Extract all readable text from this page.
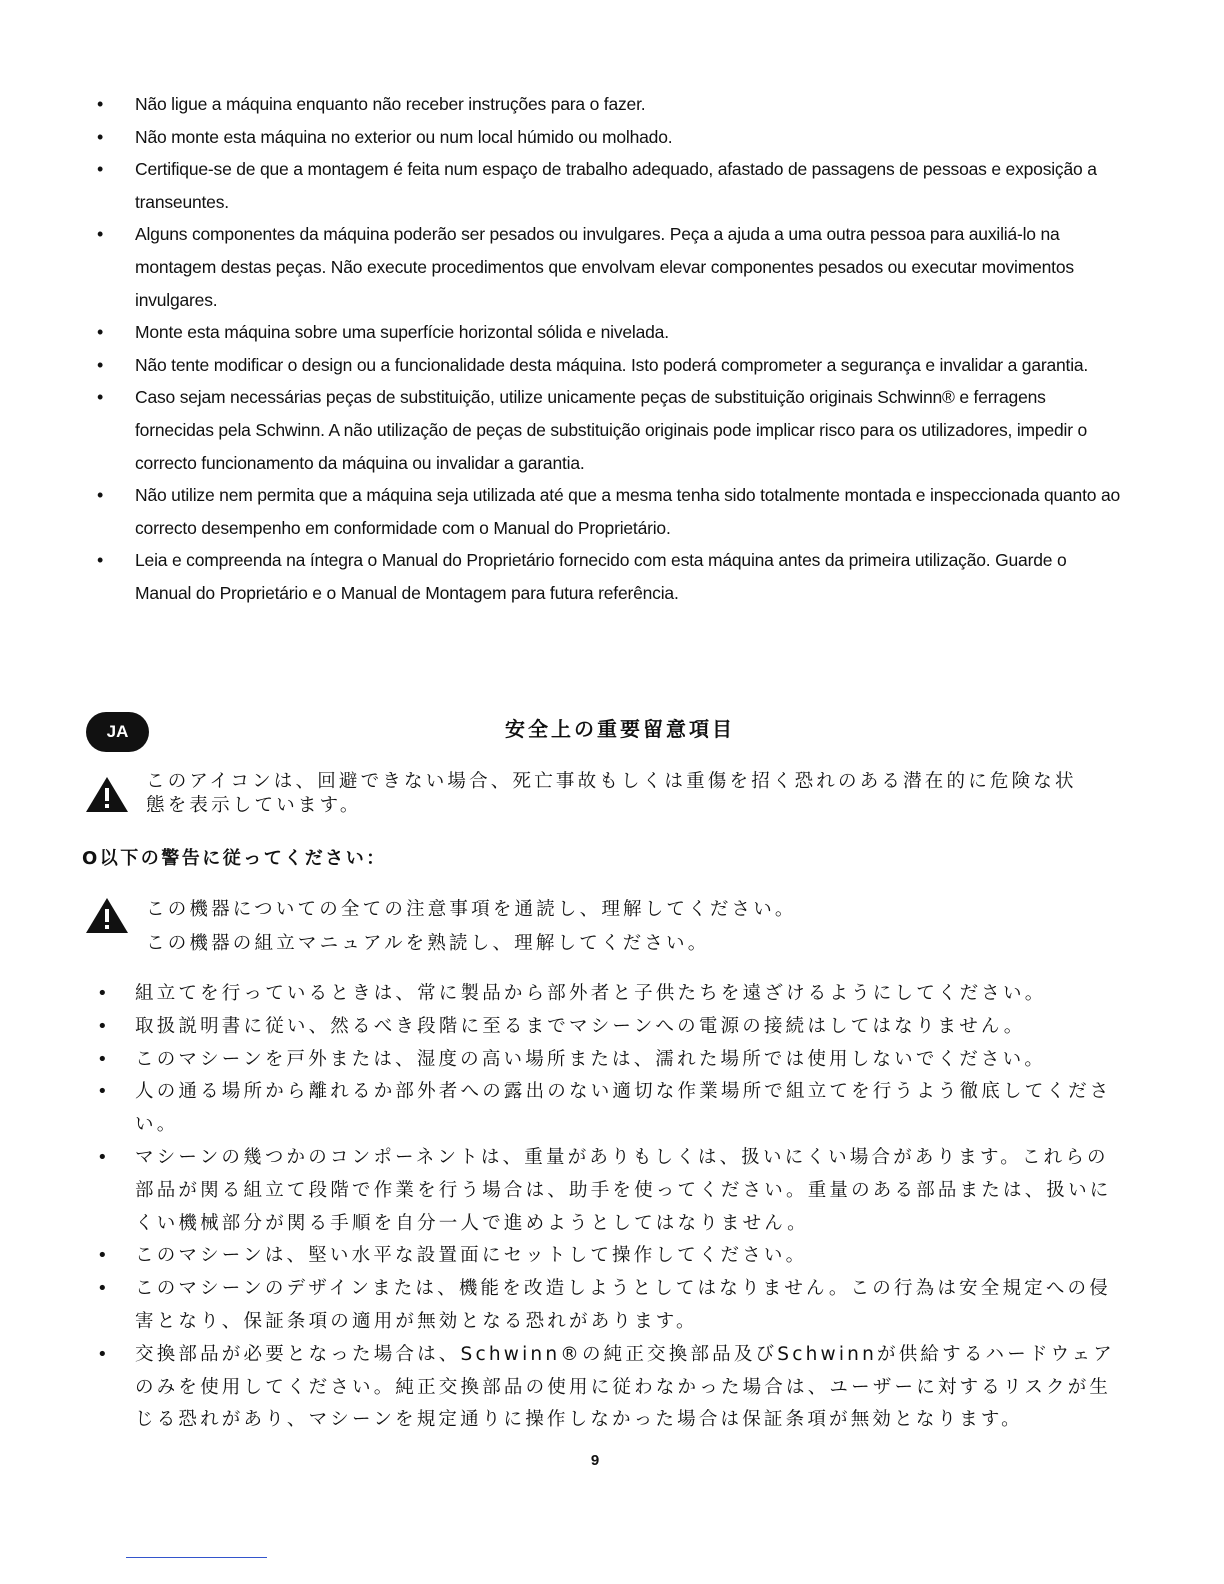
• Não ligue a máquina enquanto não receber instruções para o fazer.
• Não monte esta máquina no exterior ou num local húmido ou molhado.
• Certifique-se de que a montagem é feita num espaço de trabalho adequado, afastado de passagens de pessoas e exposição a transeuntes.
• Alguns componentes da máquina poderão ser pesados ou invulgares. Peça a ajuda a uma outra pessoa para auxiliá-lo na montagem destas peças. Não execute procedimentos que envolvam elevar componentes pesados ou executar movimentos invulgares.
• Monte esta máquina sobre uma superfície horizontal sólida e nivelada.
• Não tente modificar o design ou a funcionalidade desta máquina. Isto poderá comprometer a segurança e invalidar a garantia.
• Caso sejam necessárias peças de substituição, utilize unicamente peças de substituição originais Schwinn® e ferragens fornecidas pela Schwinn. A não utilização de peças de substituição originais pode implicar risco para os utilizadores, impedir o correcto funcionamento da máquina ou invalidar a garantia.
• Não utilize nem permita que a máquina seja utilizada até que a mesma tenha sido totalmente montada e inspeccionada quanto ao correcto desempenho em conformidade com o Manual do Proprietário.
• Leia e compreenda na íntegra o Manual do Proprietário fornecido com esta máquina antes da primeira utilização. Guarde o Manual do Proprietário e o Manual de Montagem para futura referência.
JA	安全上の重要留意項目
このアイコンは、回避できない場合、死亡事故もしくは重傷を招く恐れのある潜在的に危険な状態を表示しています。
O以下の警告に従ってください：
この機器についての全ての注意事項を通読し、理解してください。
この機器の組立マニュアルを熟読し、理解してください。
• 組立てを行っているときは、常に製品から部外者と子供たちを遠ざけるようにしてください。
• 取扱説明書に従い、然るべき段階に至るまでマシーンへの電源の接続はしてはなりません。
• このマシーンを戸外または、湿度の高い場所または、濡れた場所では使用しないでください。
• 人の通る場所から離れるか部外者への露出のない適切な作業場所で組立てを行うよう徹底してください。
• マシーンの幾つかのコンポーネントは、重量がありもしくは、扱いにくい場合があります。これらの部品が関る組立て段階で作業を行う場合は、助手を使ってください。重量のある部品または、扱いにくい機械部分が関る手順を自分一人で進めようとしてはなりません。
• このマシーンは、堅い水平な設置面にセットして操作してください。
• このマシーンのデザインまたは、機能を改造しようとしてはなりません。この行為は安全規定への侵害となり、保証条項の適用が無効となる恐れがあります。
• 交換部品が必要となった場合は、Schwinn®の純正交換部品及びSchwinnが供給するハードウェアのみを使用してください。純正交換部品の使用に従わなかった場合は、ユーザーに対するリスクが生じる恐れがあり、マシーンを規定通りに操作しなかった場合は保証条項が無効となります。
9
